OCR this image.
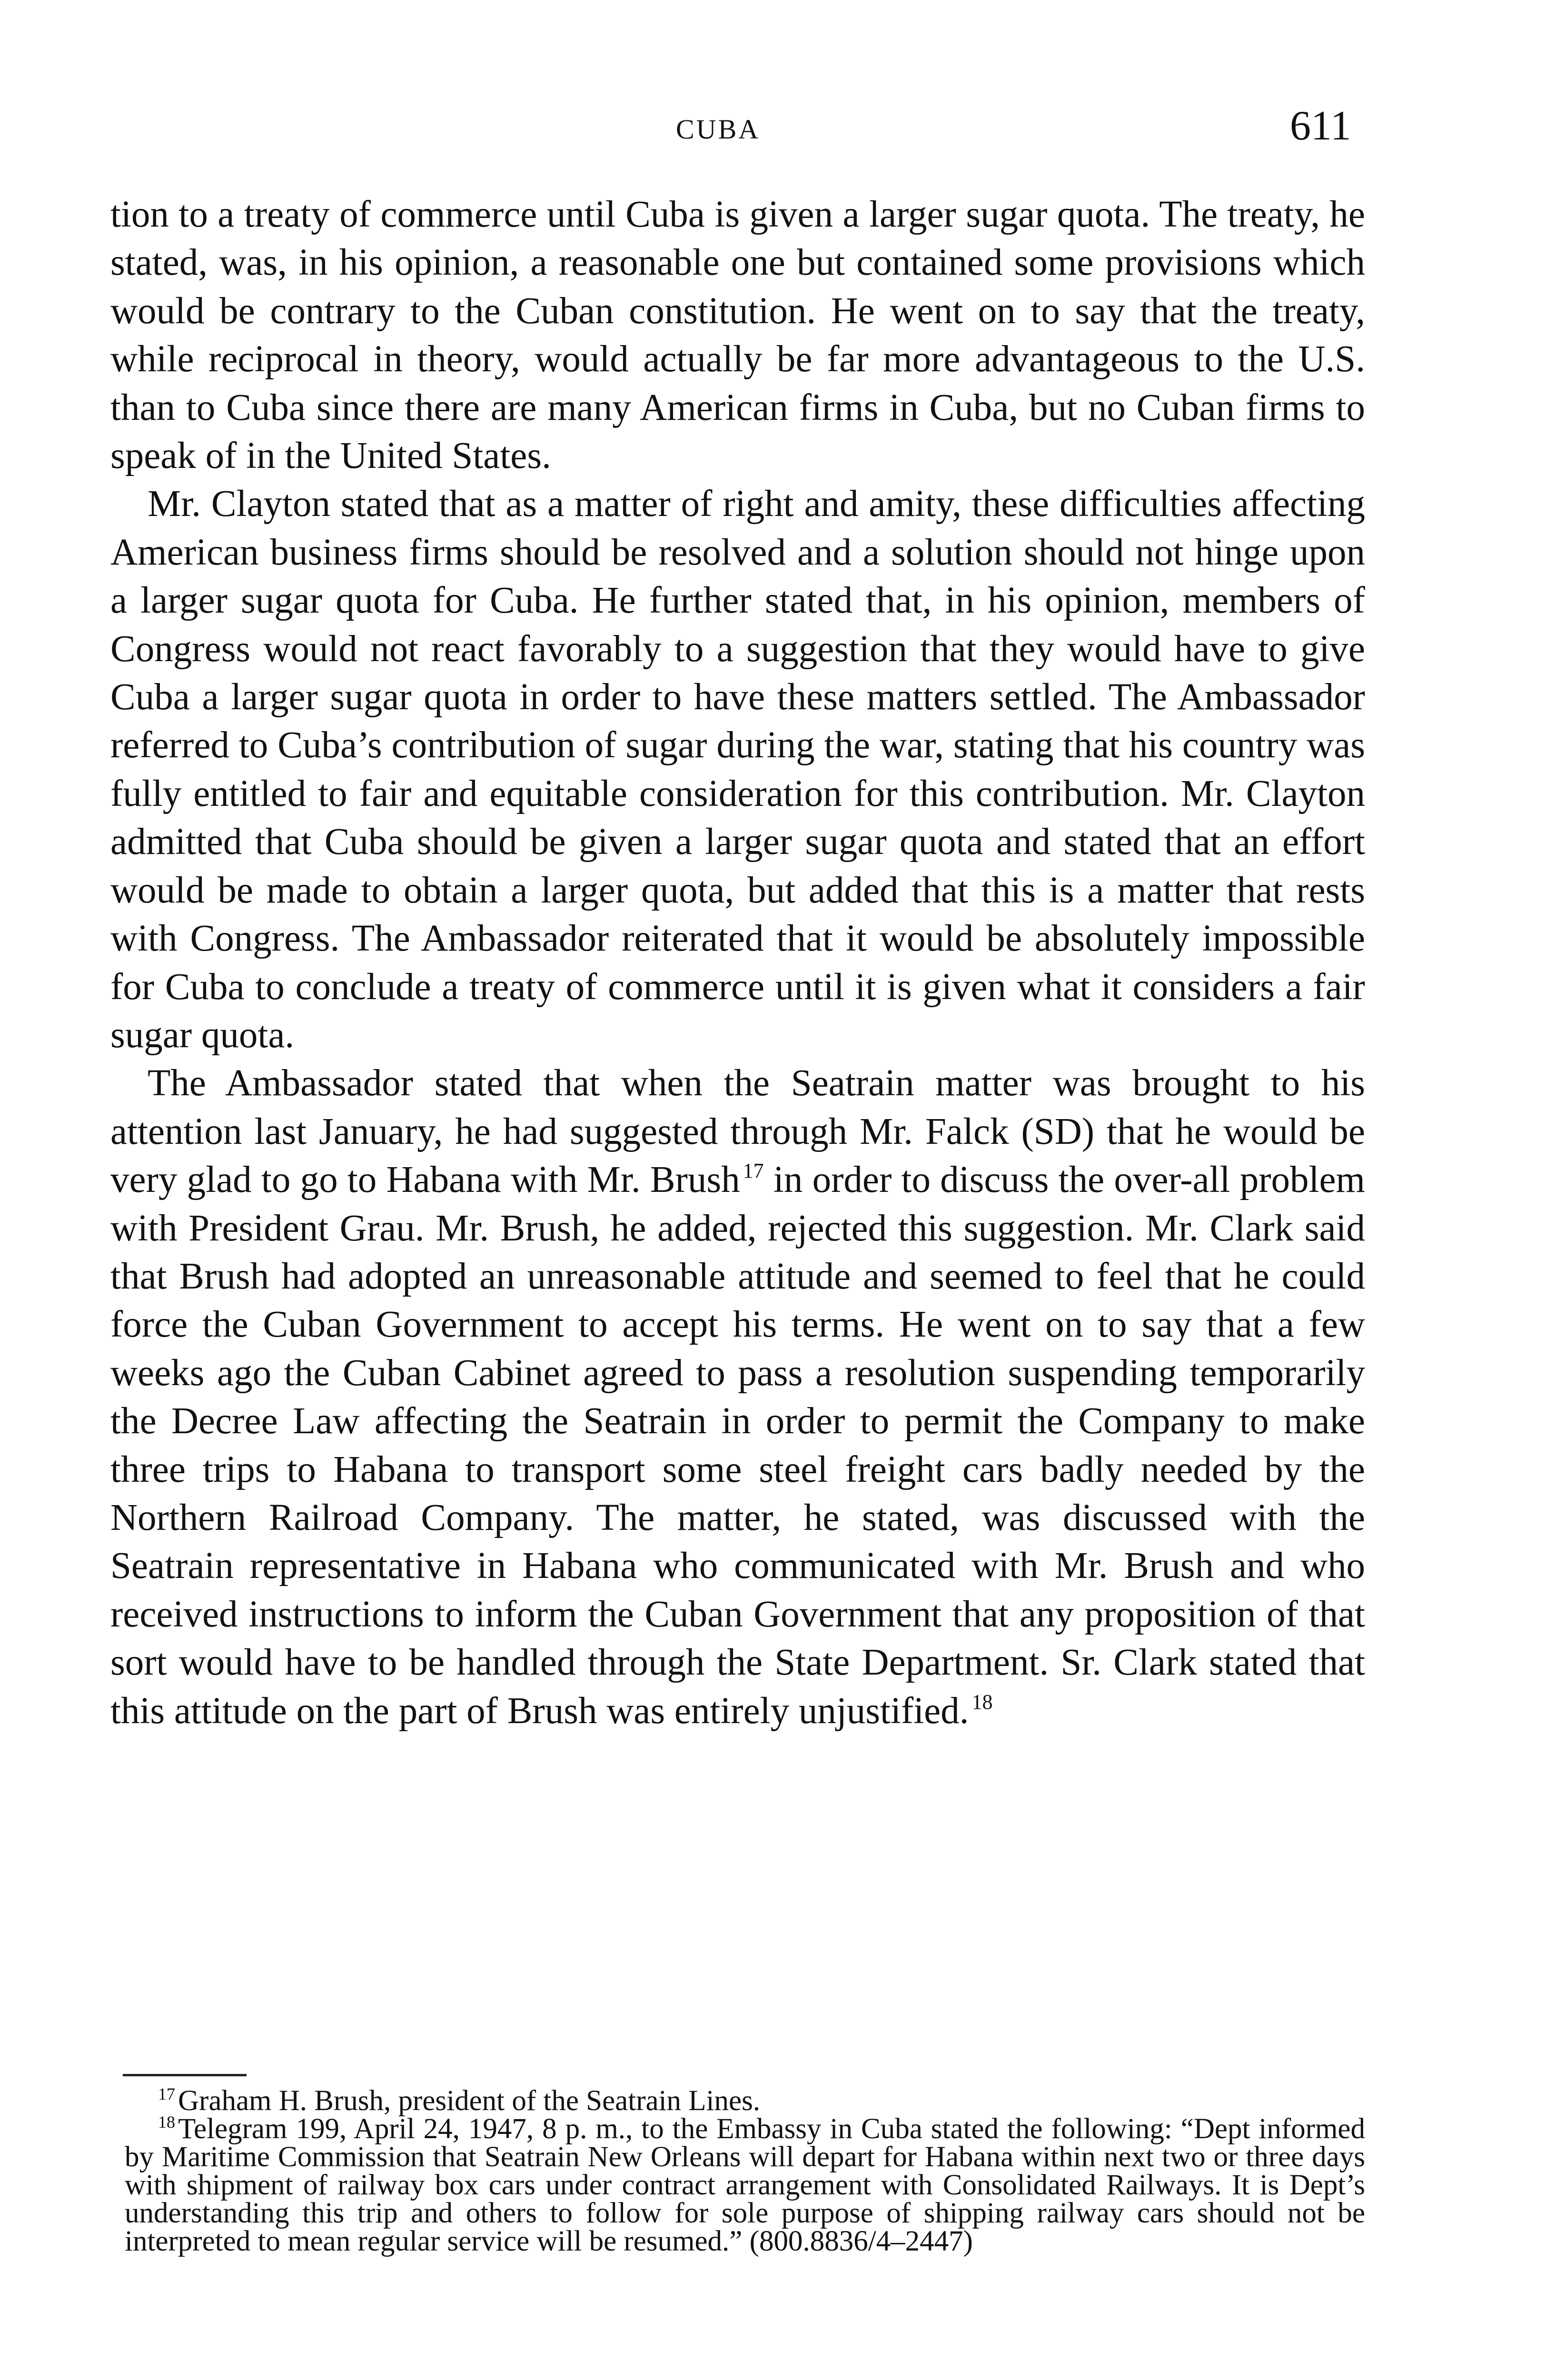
CUBA	611

tion to a treaty of commerce until Cuba is given a larger sugar quota. The treaty, he stated, was, in his opinion, a reasonable one but contained some provisions which would be contrary to the Cuban constitution. He went on to say that the treaty, while reciprocal in theory, would actually be far more advantageous to the U.S. than to Cuba since there are many American firms in Cuba, but no Cuban firms to speak of in the United States.

Mr. Clayton stated that as a matter of right and amity, these difficulties affecting American business firms should be resolved and a solution should not hinge upon a larger sugar quota for Cuba. He further stated that, in his opinion, members of Congress would not react favorably to a suggestion that they would have to give Cuba a larger sugar quota in order to have these matters settled. The Ambassador referred to Cuba’s contribution of sugar during the war, stating that his country was fully entitled to fair and equitable consideration for this contribution. Mr. Clayton admitted that Cuba should be given a larger sugar quota and stated that an effort would be made to obtain a larger quota, but added that this is a matter that rests with Congress. The Ambassador reiterated that it would be absolutely impossible for Cuba to conclude a treaty of commerce until it is given what it considers a fair sugar quota.

The Ambassador stated that when the Seatrain matter was brought to his attention last January, he had suggested through Mr. Falck (SD) that he would be very glad to go to Habana with Mr. Brush $^{17}$ in order to discuss the over-all problem with President Grau. Mr. Brush, he added, rejected this suggestion. Mr. Clark said that Brush had adopted an unreasonable attitude and seemed to feel that he could force the Cuban Government to accept his terms. He went on to say that a few weeks ago the Cuban Cabinet agreed to pass a resolution suspending temporarily the Decree Law affecting the Seatrain in order to permit the Company to make three trips to Habana to transport some steel freight cars badly needed by the Northern Railroad Company. The matter, he stated, was discussed with the Seatrain representative in Habana who communicated with Mr. Brush and who received instructions to inform the Cuban Government that any proposition of that sort would have to be handled through the State Department. Sr. Clark stated that this attitude on the part of Brush was entirely unjustified. $^{18}$

$^{17}$Graham H. Brush, president of the Seatrain Lines.

$^{18}$Telegram 199, April 24, 1947, 8 p. m., to the Embassy in Cuba stated the following: “Dept informed by Maritime Commission that Seatrain New Orleans will depart for Habana within next two or three days with shipment of railway box cars under contract arrangement with Consolidated Railways. It is Dept’s understanding this trip and others to follow for sole purpose of shipping railway cars should not be interpreted to mean regular service will be resumed.” (800.8836/4–2447)
